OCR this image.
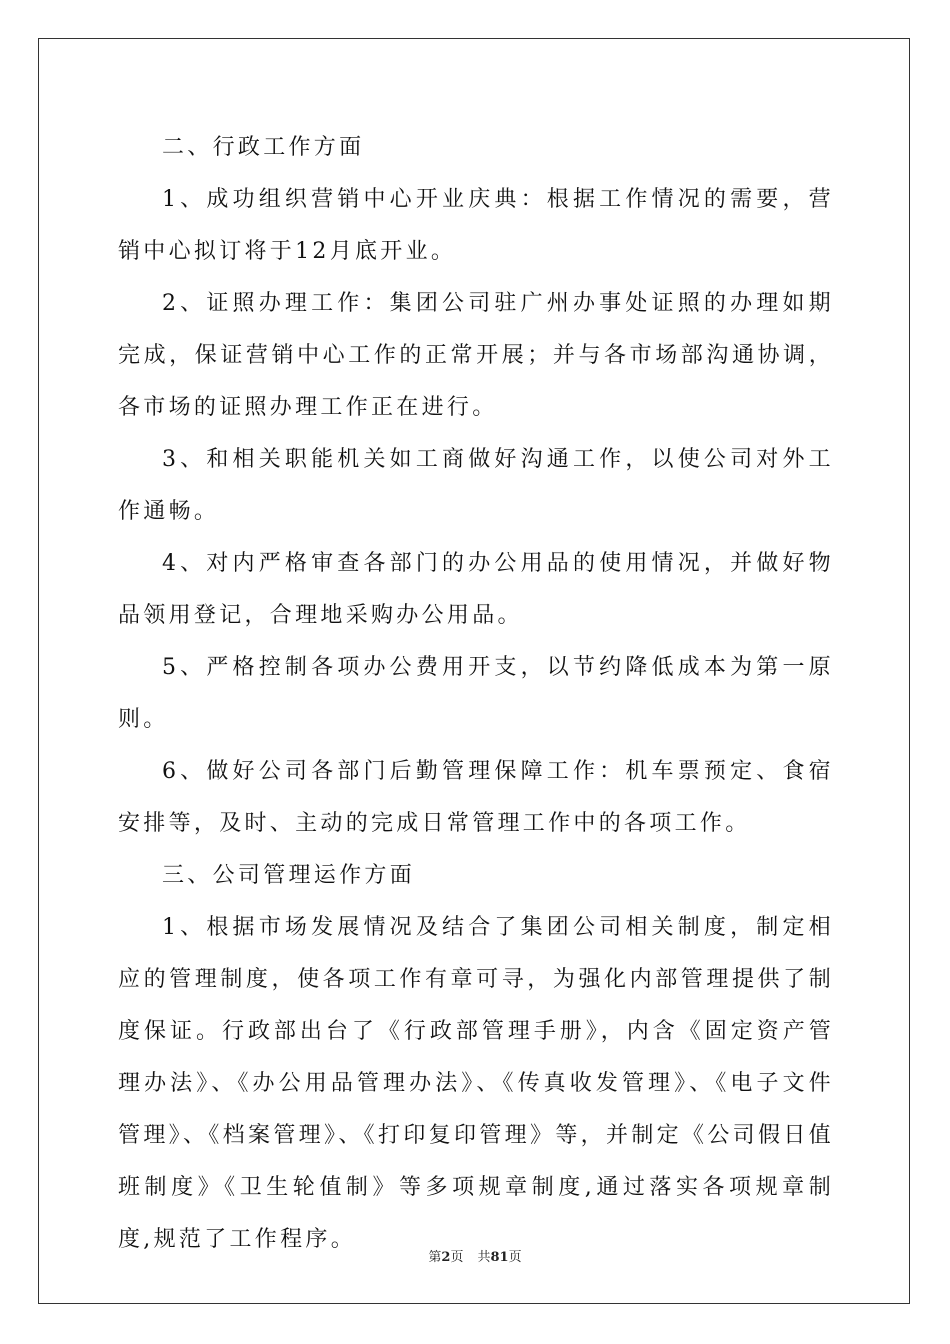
二、行政工作方面

1、成功组织营销中心开业庆典：根据工作情况的需要，营销中心拟订将于12月底开业。

2、证照办理工作：集团公司驻广州办事处证照的办理如期完成，保证营销中心工作的正常开展；并与各市场部沟通协调，各市场的证照办理工作正在进行。

3、和相关职能机关如工商做好沟通工作，以使公司对外工作通畅。

4、对内严格审查各部门的办公用品的使用情况，并做好物品领用登记，合理地采购办公用品。

5、严格控制各项办公费用开支，以节约降低成本为第一原则。

6、做好公司各部门后勤管理保障工作：机车票预定、食宿安排等，及时、主动的完成日常管理工作中的各项工作。

三、公司管理运作方面

1、根据市场发展情况及结合了集团公司相关制度，制定相应的管理制度，使各项工作有章可寻，为强化内部管理提供了制度保证。行政部出台了《行政部管理手册》，内含《固定资产管理办法》、《办公用品管理办法》、《传真收发管理》、《电子文件管理》、《档案管理》、《打印复印管理》等，并制定《公司假日值班制度》《卫生轮值制》等多项规章制度,通过落实各项规章制度,规范了工作程序。

第2页 共81页
